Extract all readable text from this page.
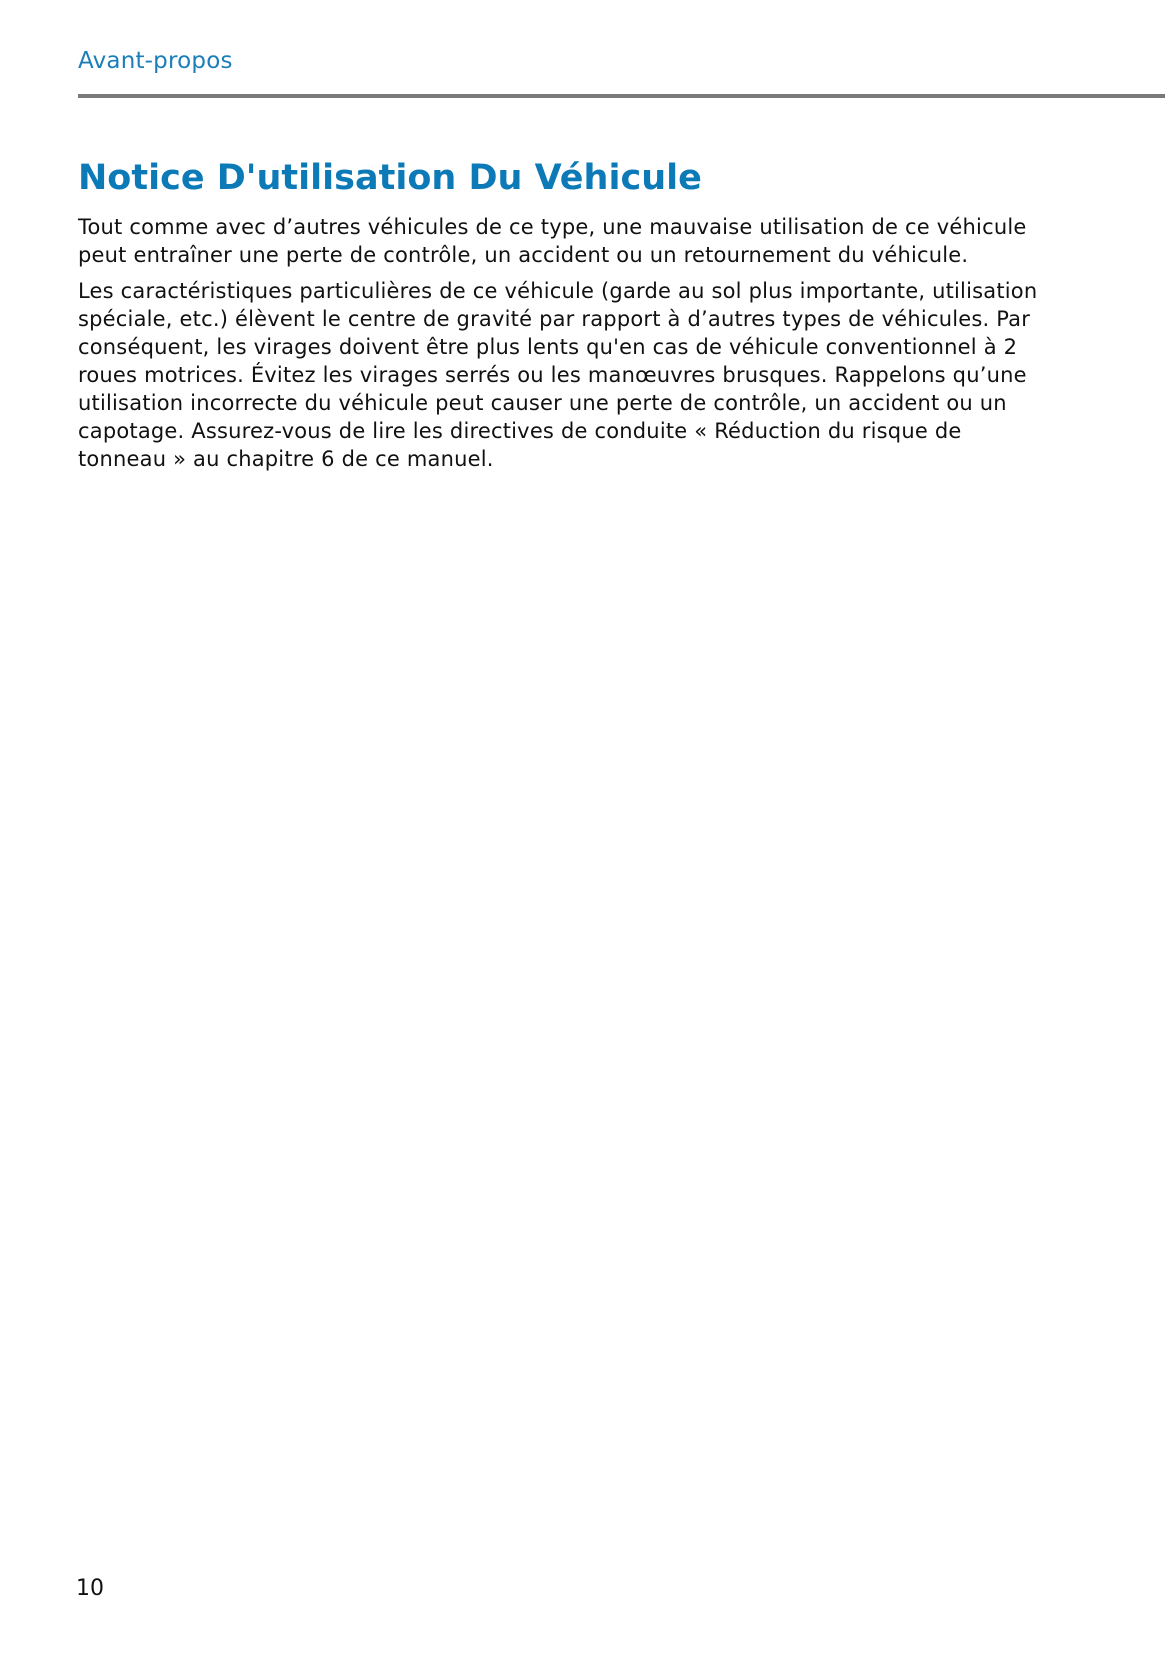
Avant-propos
Notice D'utilisation Du Véhicule

Tout comme avec d’autres véhicules de ce type, une mauvaise utilisation de ce véhicule peut entraîner une perte de contrôle, un accident ou un retournement du véhicule.

Les caractéristiques particulières de ce véhicule (garde au sol plus importante, utilisation spéciale, etc.) élèvent le centre de gravité par rapport à d’autres types de véhicules. Par conséquent, les virages doivent être plus lents qu'en cas de véhicule conventionnel à 2 roues motrices. Évitez les virages serrés ou les manœuvres brusques. Rappelons qu’une utilisation incorrecte du véhicule peut causer une perte de contrôle, un accident ou un capotage. Assurez-vous de lire les directives de conduite « Réduction du risque de tonneau » au chapitre 6 de ce manuel.

10
